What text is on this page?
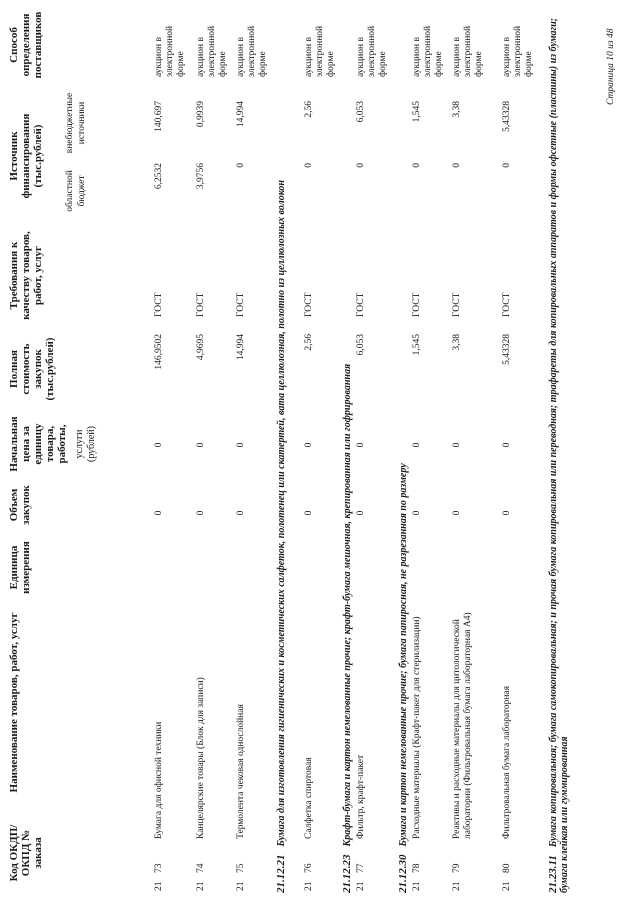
Код ОКДП/ ОКПД № заказа
Наименование товаров, работ, услуг
Единица измерения
Объем закупок
Начальная цена за единицу товара, работы, услуги (рублей)
Полная стоимость закупок (тыс.рублей)
Требования к качеству товаров, работ, услуг
Источник финансирования (тыс.рублей)
областной бюджет
внебюджетные источники
Способ определения поставщиков
21
73
Бумага для офисной техники
0
0
146,9502
ГОСТ
6,2532
140,697
аукцион в электронной форме
21
74
Канцелярские товары (Блок для записи)
0
0
4,9695
ГОСТ
3,9756
0,9939
аукцион в электронной форме
21
75
Термолента чековая однослойная
0
0
14,994
ГОСТ
0
14,994
аукцион в электронной форме
21.12.21Бумага для изготовления гигиенических и косметических салфеток, полотенец или скатертей, вата целлюлозная, полотно из целлюлозных волокон
21
76
Салфетка спиртовая
0
0
2,56
ГОСТ
0
2,56
аукцион в электронной форме
21.12.23Крафт-бумага и картон немелованные прочие; крафт-бумага мешочная, крепированная или гофрированная
21
77
Фильтр, крафт-пакет
0
0
6,053
ГОСТ
0
6,053
аукцион в электронной форме
21.12.30Бумага и картон немелованные прочие; бумага папиросная, не разрезанная по размеру
21
78
Расходные материалы (Крафт-пакет для стерилизации)
0
0
1,545
ГОСТ
0
1,545
аукцион в электронной форме
21
79
Реактивы и расходные материалы для цитологической лаборатории (Фильтровальная бумага лабораторная А4)
0
0
3,38
ГОСТ
0
3,38
аукцион в электронной форме
21
80
Фильтровальная бумага лабораторная
0
0
5,43328
ГОСТ
0
5,43328
аукцион в электронной форме
21.23.11Бумага копировальная; бумага самокопировальная; и прочая бумага копировальная или переводная; трафареты для копировальных аппаратов и формы офсетные (пластины) из бумаги; бумага клейкая или гуммированная
Страница 10 из 48
